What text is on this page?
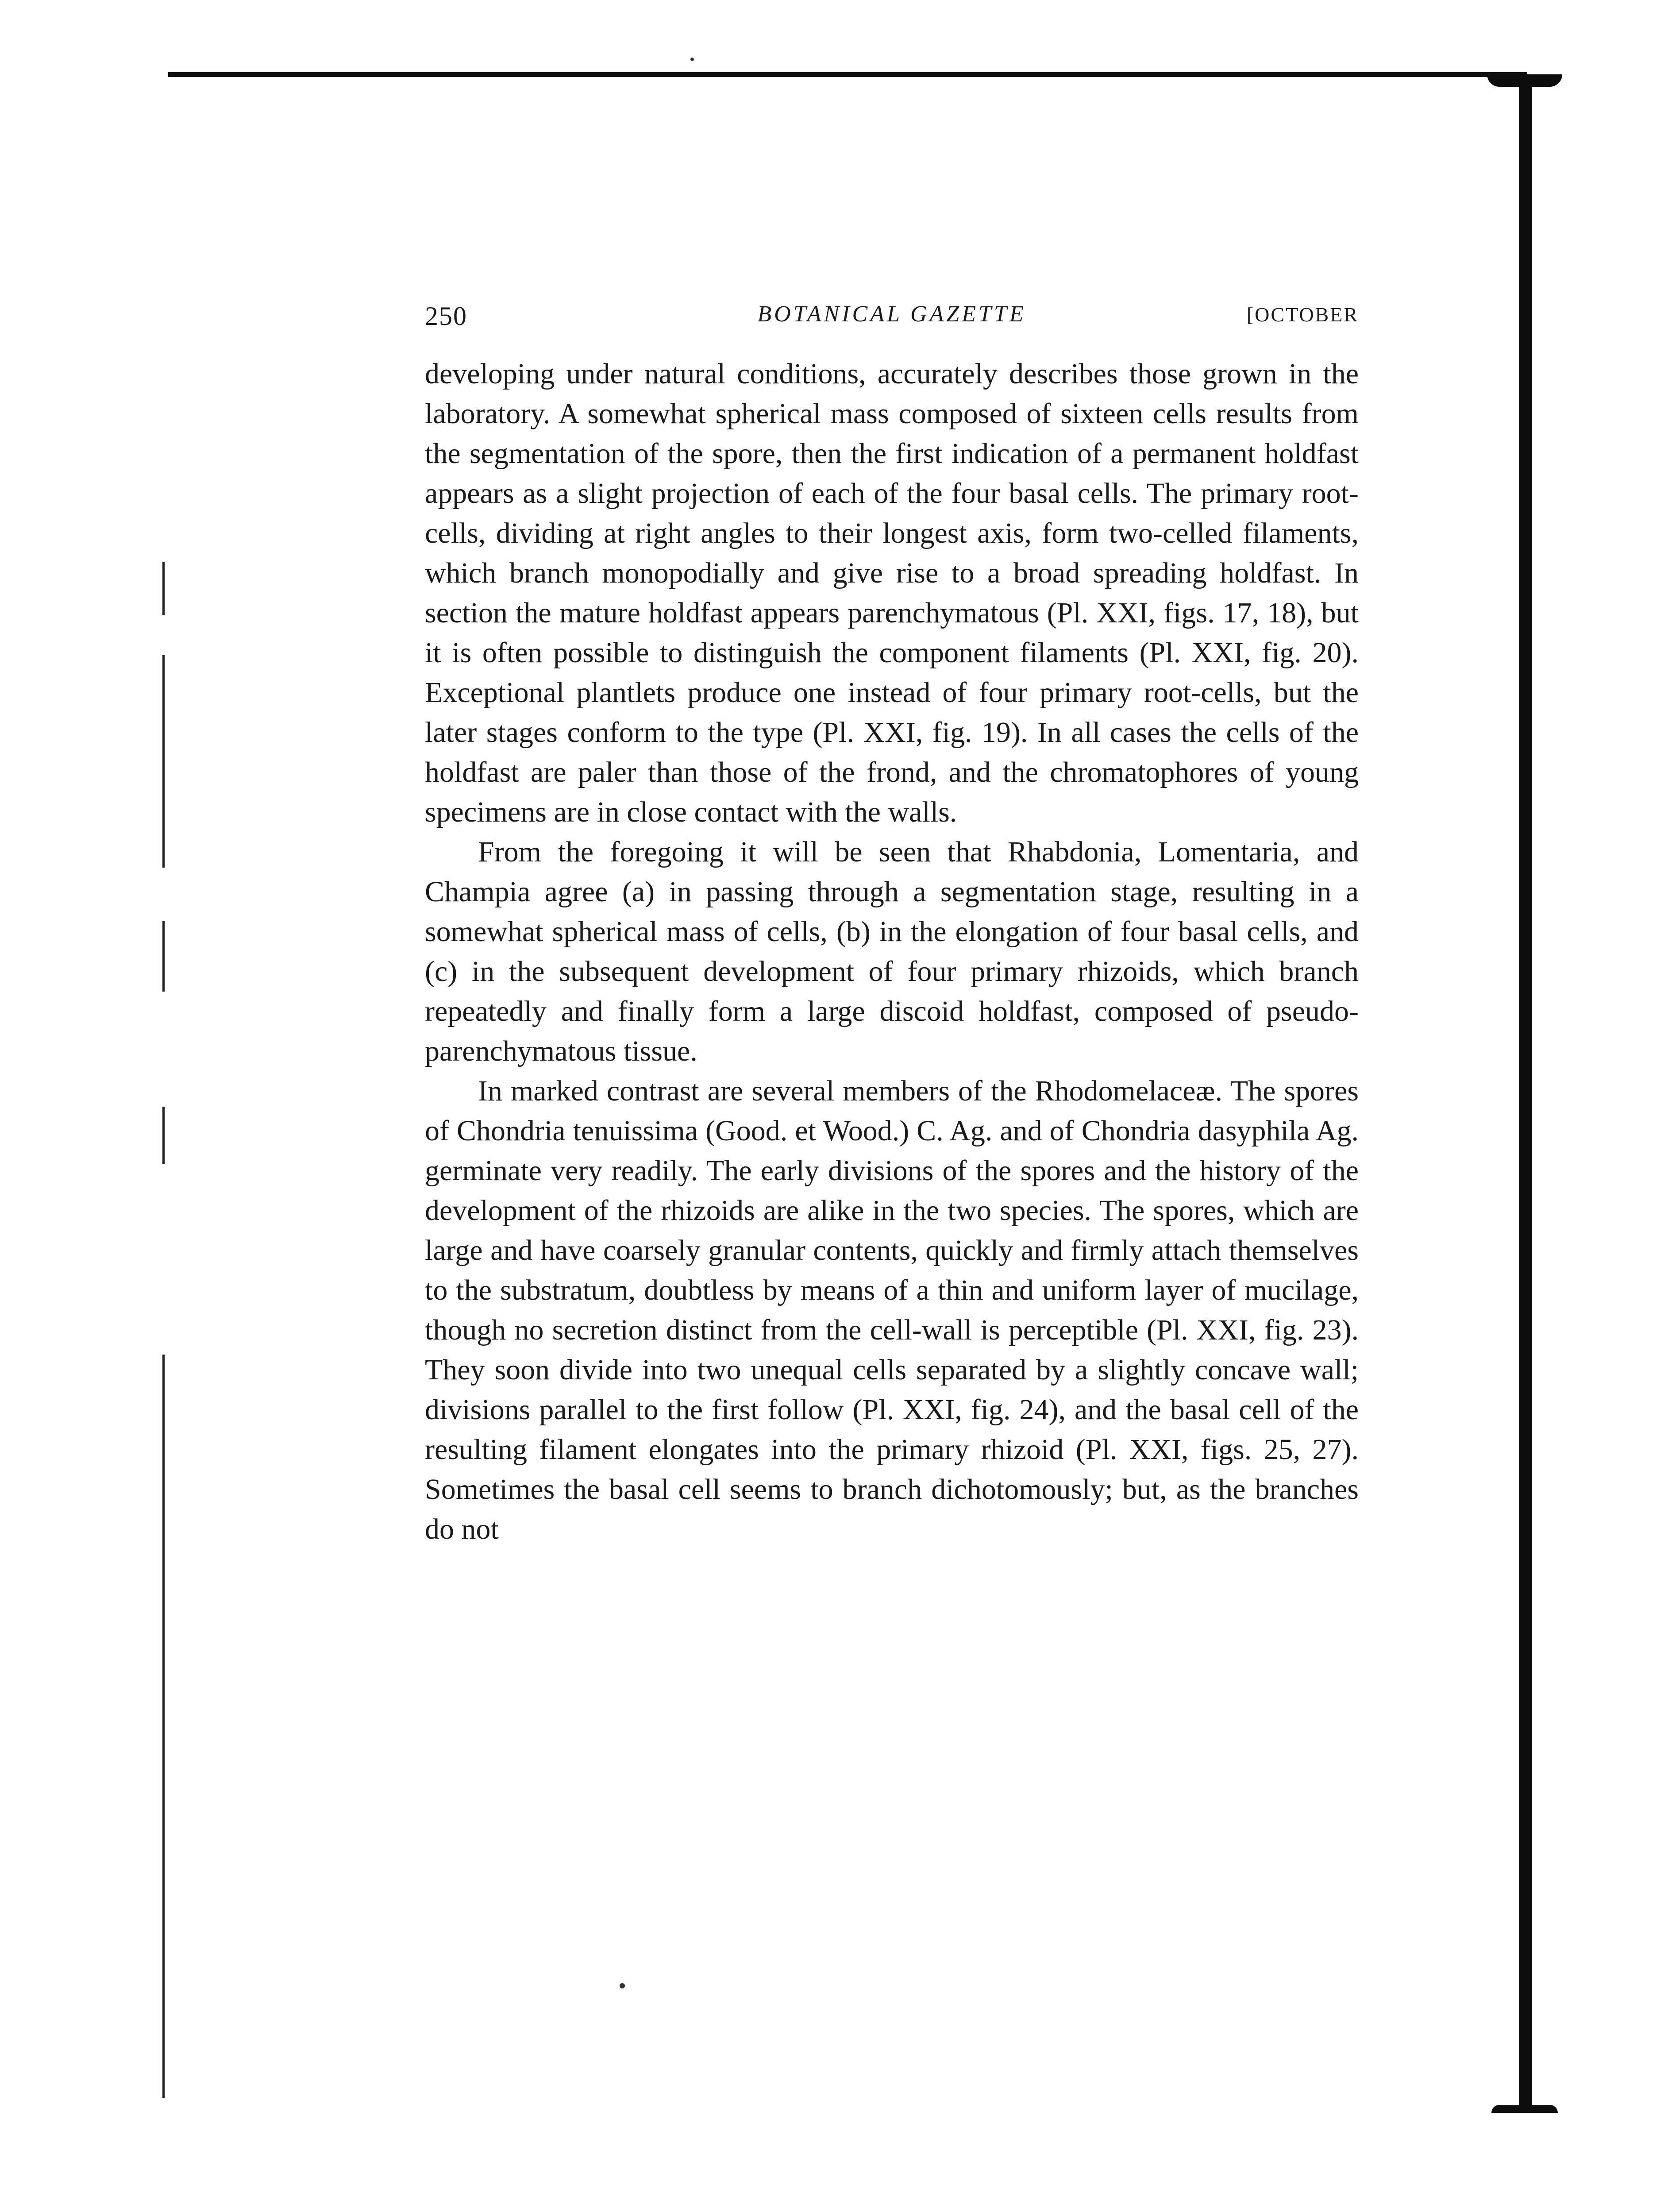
250	BOTANICAL GAZETTE	[OCTOBER

developing under natural conditions, accurately describes those grown in the laboratory. A somewhat spherical mass composed of sixteen cells results from the segmentation of the spore, then the first indication of a permanent holdfast appears as a slight projection of each of the four basal cells. The primary root-cells, dividing at right angles to their longest axis, form two-celled filaments, which branch monopodially and give rise to a broad spreading holdfast. In section the mature holdfast appears parenchymatous (Pl. XXI, figs. 17, 18), but it is often possible to distinguish the component filaments (Pl. XXI, fig. 20). Exceptional plantlets produce one instead of four primary root-cells, but the later stages conform to the type (Pl. XXI, fig. 19). In all cases the cells of the holdfast are paler than those of the frond, and the chromatophores of young specimens are in close contact with the walls.

From the foregoing it will be seen that Rhabdonia, Lomentaria, and Champia agree (a) in passing through a segmentation stage, resulting in a somewhat spherical mass of cells, (b) in the elongation of four basal cells, and (c) in the subsequent development of four primary rhizoids, which branch repeatedly and finally form a large discoid holdfast, composed of pseudo-parenchymatous tissue.

In marked contrast are several members of the Rhodomelaceæ. The spores of Chondria tenuissima (Good. et Wood.) C. Ag. and of Chondria dasyphila Ag. germinate very readily. The early divisions of the spores and the history of the development of the rhizoids are alike in the two species. The spores, which are large and have coarsely granular contents, quickly and firmly attach themselves to the substratum, doubtless by means of a thin and uniform layer of mucilage, though no secretion distinct from the cell-wall is perceptible (Pl. XXI, fig. 23). They soon divide into two unequal cells separated by a slightly concave wall; divisions parallel to the first follow (Pl. XXI, fig. 24), and the basal cell of the resulting filament elongates into the primary rhizoid (Pl. XXI, figs. 25, 27). Sometimes the basal cell seems to branch dichotomously; but, as the branches do not
